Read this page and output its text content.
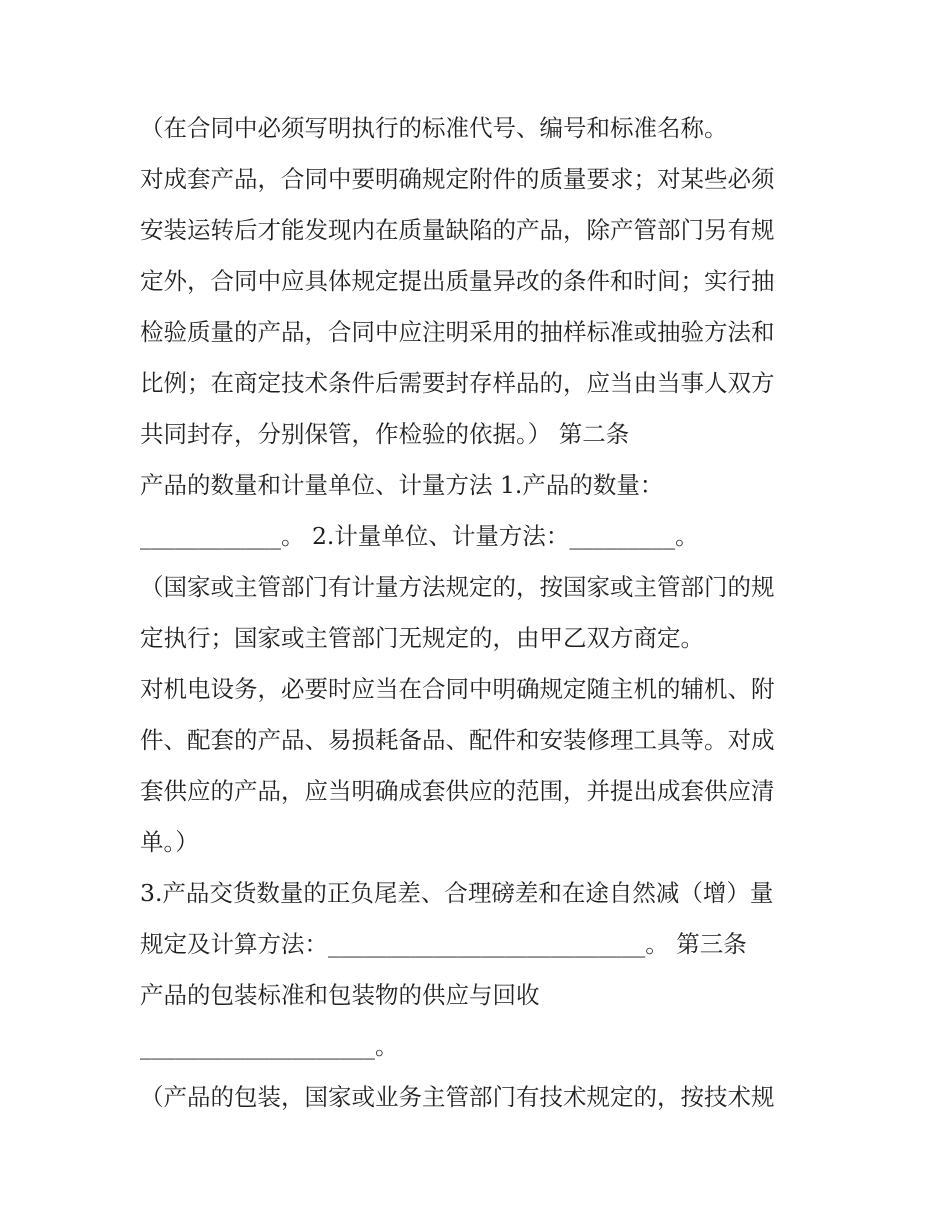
（在合同中必须写明执行的标准代号、编号和标准名称。
对成套产品，合同中要明确规定附件的质量要求；对某些必须
安装运转后才能发现内在质量缺陷的产品，除产管部门另有规
定外，合同中应具体规定提出质量异改的条件和时间；实行抽
检验质量的产品，合同中应注明采用的抽样标准或抽验方法和
比例；在商定技术条件后需要封存样品的，应当由当事人双方
共同封存，分别保管，作检验的依据。） 第二条
产品的数量和计量单位、计量方法 1.产品的数量：
____________。 2.计量单位、计量方法：_________。
（国家或主管部门有计量方法规定的，按国家或主管部门的规
定执行；国家或主管部门无规定的，由甲乙双方商定。
对机电设务，必要时应当在合同中明确规定随主机的辅机、附
件、配套的产品、易损耗备品、配件和安装修理工具等。对成
套供应的产品，应当明确成套供应的范围，并提出成套供应清
单。）
3.产品交货数量的正负尾差、合理磅差和在途自然减（增）量
规定及计算方法：___________________________。 第三条
产品的包装标准和包装物的供应与回收
____________________。
（产品的包装，国家或业务主管部门有技术规定的，按技术规
